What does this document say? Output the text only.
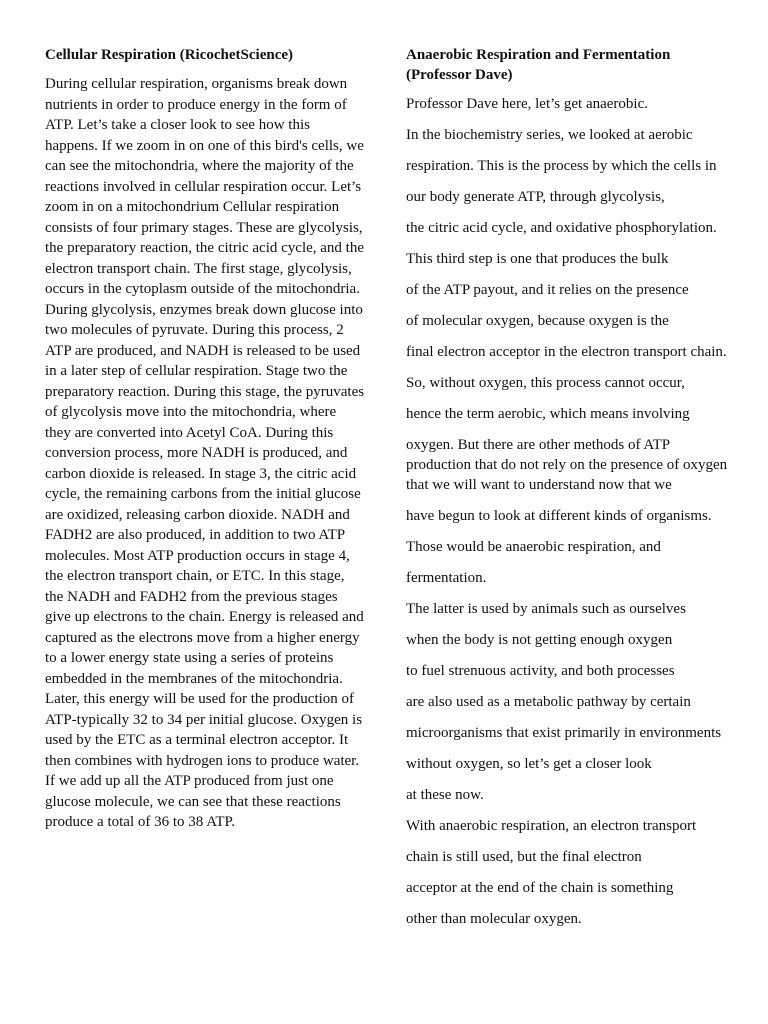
Cellular Respiration (RicochetScience)

During cellular respiration, organisms break down nutrients in order to produce energy in the form of ATP. Let’s take a closer look to see how this happens. If we zoom in on one of this bird's cells, we can see the mitochondria, where the majority of the reactions involved in cellular respiration occur. Let’s zoom in on a mitochondrium Cellular respiration consists of four primary stages. These are glycolysis, the preparatory reaction, the citric acid cycle, and the electron transport chain. The first stage, glycolysis, occurs in the cytoplasm outside of the mitochondria. During glycolysis, enzymes break down glucose into two molecules of pyruvate. During this process, 2 ATP are produced, and NADH is released to be used in a later step of cellular respiration. Stage two the preparatory reaction. During this stage, the pyruvates of glycolysis move into the mitochondria, where they are converted into Acetyl CoA. During this conversion process, more NADH is produced, and carbon dioxide is released. In stage 3, the citric acid cycle, the remaining carbons from the initial glucose are oxidized, releasing carbon dioxide. NADH and FADH2 are also produced, in addition to two ATP molecules. Most ATP production occurs in stage 4, the electron transport chain, or ETC. In this stage, the NADH and FADH2 from the previous stages give up electrons to the chain. Energy is released and captured as the electrons move from a higher energy to a lower energy state using a series of proteins embedded in the membranes of the mitochondria. Later, this energy will be used for the production of ATP-typically 32 to 34 per initial glucose. Oxygen is used by the ETC as a terminal electron acceptor. It then combines with hydrogen ions to produce water. If we add up all the ATP produced from just one glucose molecule, we can see that these reactions produce a total of 36 to 38 ATP.

Anaerobic Respiration and Fermentation (Professor Dave)

Professor Dave here, let’s get anaerobic.

In the biochemistry series, we looked at aerobic

respiration. This is the process by which the cells in

our body generate ATP, through glycolysis,

the citric acid cycle, and oxidative phosphorylation.

This third step is one that produces the bulk

of the ATP payout, and it relies on the presence

of molecular oxygen, because oxygen is the

final electron acceptor in the electron transport chain.

So, without oxygen, this process cannot occur,

hence the term aerobic, which means involving

oxygen. But there are other methods of ATP production that do not rely on the presence of oxygen that we will want to understand now that we

have begun to look at different kinds of organisms.

Those would be anaerobic respiration, and

fermentation.

The latter is used by animals such as ourselves

when the body is not getting enough oxygen

to fuel strenuous activity, and both processes

are also used as a metabolic pathway by certain

microorganisms that exist primarily in environments

without oxygen, so let’s get a closer look

at these now.

With anaerobic respiration, an electron transport

chain is still used, but the final electron

acceptor at the end of the chain is something

other than molecular oxygen.
